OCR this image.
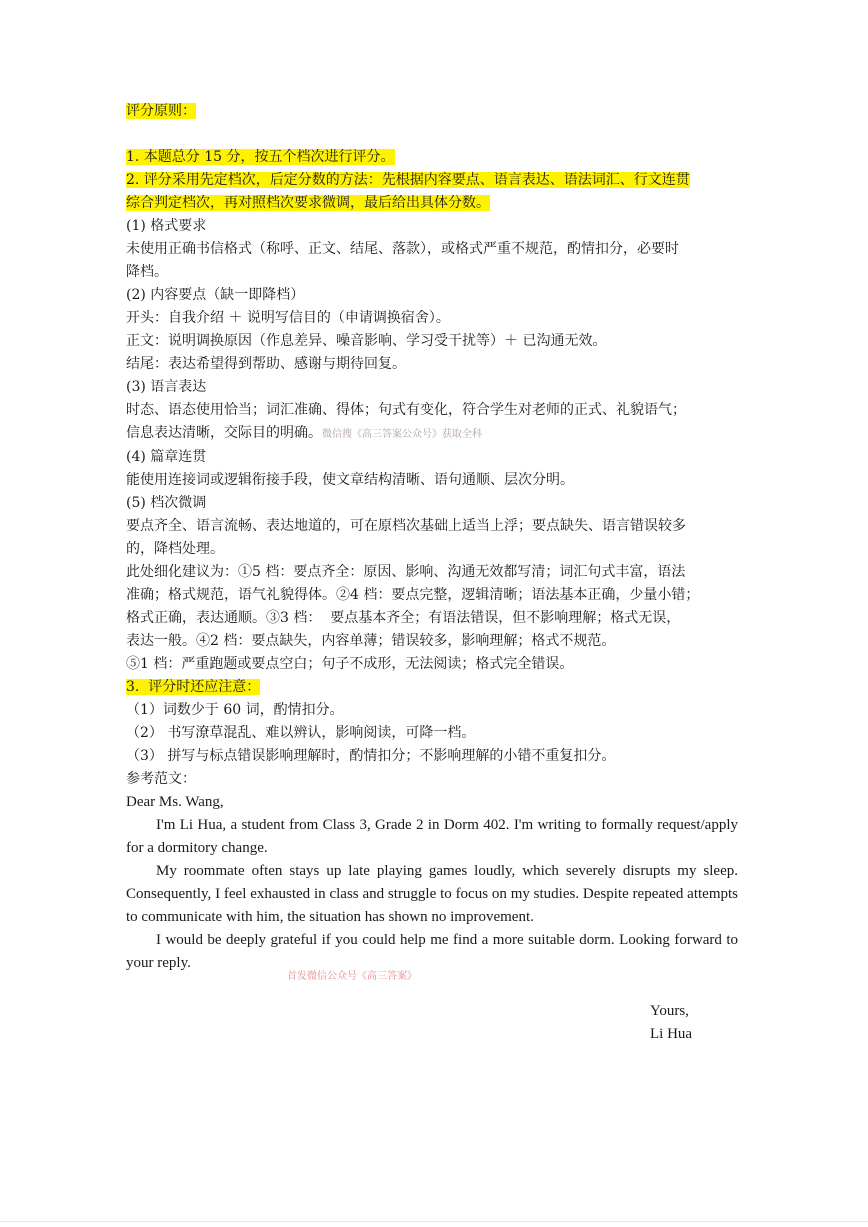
评分原则：

1. 本题总分 15 分，按五个档次进行评分。

2. 评分采用先定档次，后定分数的方法：先根据内容要点、语言表达、语法词汇、行文连贯

综合判定档次，再对照档次要求微调，最后给出具体分数。

(1) 格式要求

未使用正确书信格式（称呼、正文、结尾、落款），或格式严重不规范，酌情扣分，必要时

降档。

(2) 内容要点（缺一即降档）

开头：自我介绍 ＋ 说明写信目的（申请调换宿舍）。

正文：说明调换原因（作息差异、噪音影响、学习受干扰等）＋ 已沟通无效。

结尾：表达希望得到帮助、感谢与期待回复。

(3) 语言表达

时态、语态使用恰当；词汇准确、得体；句式有变化，符合学生对老师的正式、礼貌语气；

信息表达清晰，交际目的明确。微信搜《高三答案公众号》获取全科

(4) 篇章连贯

能使用连接词或逻辑衔接手段，使文章结构清晰、语句通顺、层次分明。

(5) 档次微调

要点齐全、语言流畅、表达地道的，可在原档次基础上适当上浮；要点缺失、语言错误较多

的，降档处理。

此处细化建议为：①5 档：要点齐全：原因、影响、沟通无效都写清；词汇句式丰富，语法

准确；格式规范，语气礼貌得体。②4 档：要点完整，逻辑清晰；语法基本正确，少量小错；

格式正确，表达通顺。③3 档：  要点基本齐全；有语法错误，但不影响理解；格式无误，

表达一般。④2 档：要点缺失，内容单薄；错误较多，影响理解；格式不规范。

⑤1 档：严重跑题或要点空白；句子不成形，无法阅读；格式完全错误。

3.  评分时还应注意：

（1）词数少于 60 词，酌情扣分。

（2） 书写潦草混乱、难以辨认，影响阅读，可降一档。

（3） 拼写与标点错误影响理解时，酌情扣分；不影响理解的小错不重复扣分。

参考范文：

Dear Ms. Wang,

I'm Li Hua, a student from Class 3, Grade 2 in Dorm 402. I'm writing to formally request/apply for a dormitory change.

My roommate often stays up late playing games loudly, which severely disrupts my sleep. Consequently, I feel exhausted in class and struggle to focus on my studies. Despite repeated attempts to communicate with him, the situation has shown no improvement.

I would be deeply grateful if you could help me find a more suitable dorm. Looking forward to your reply.

首发微信公众号《高三答案》
Yours,
Li Hua
